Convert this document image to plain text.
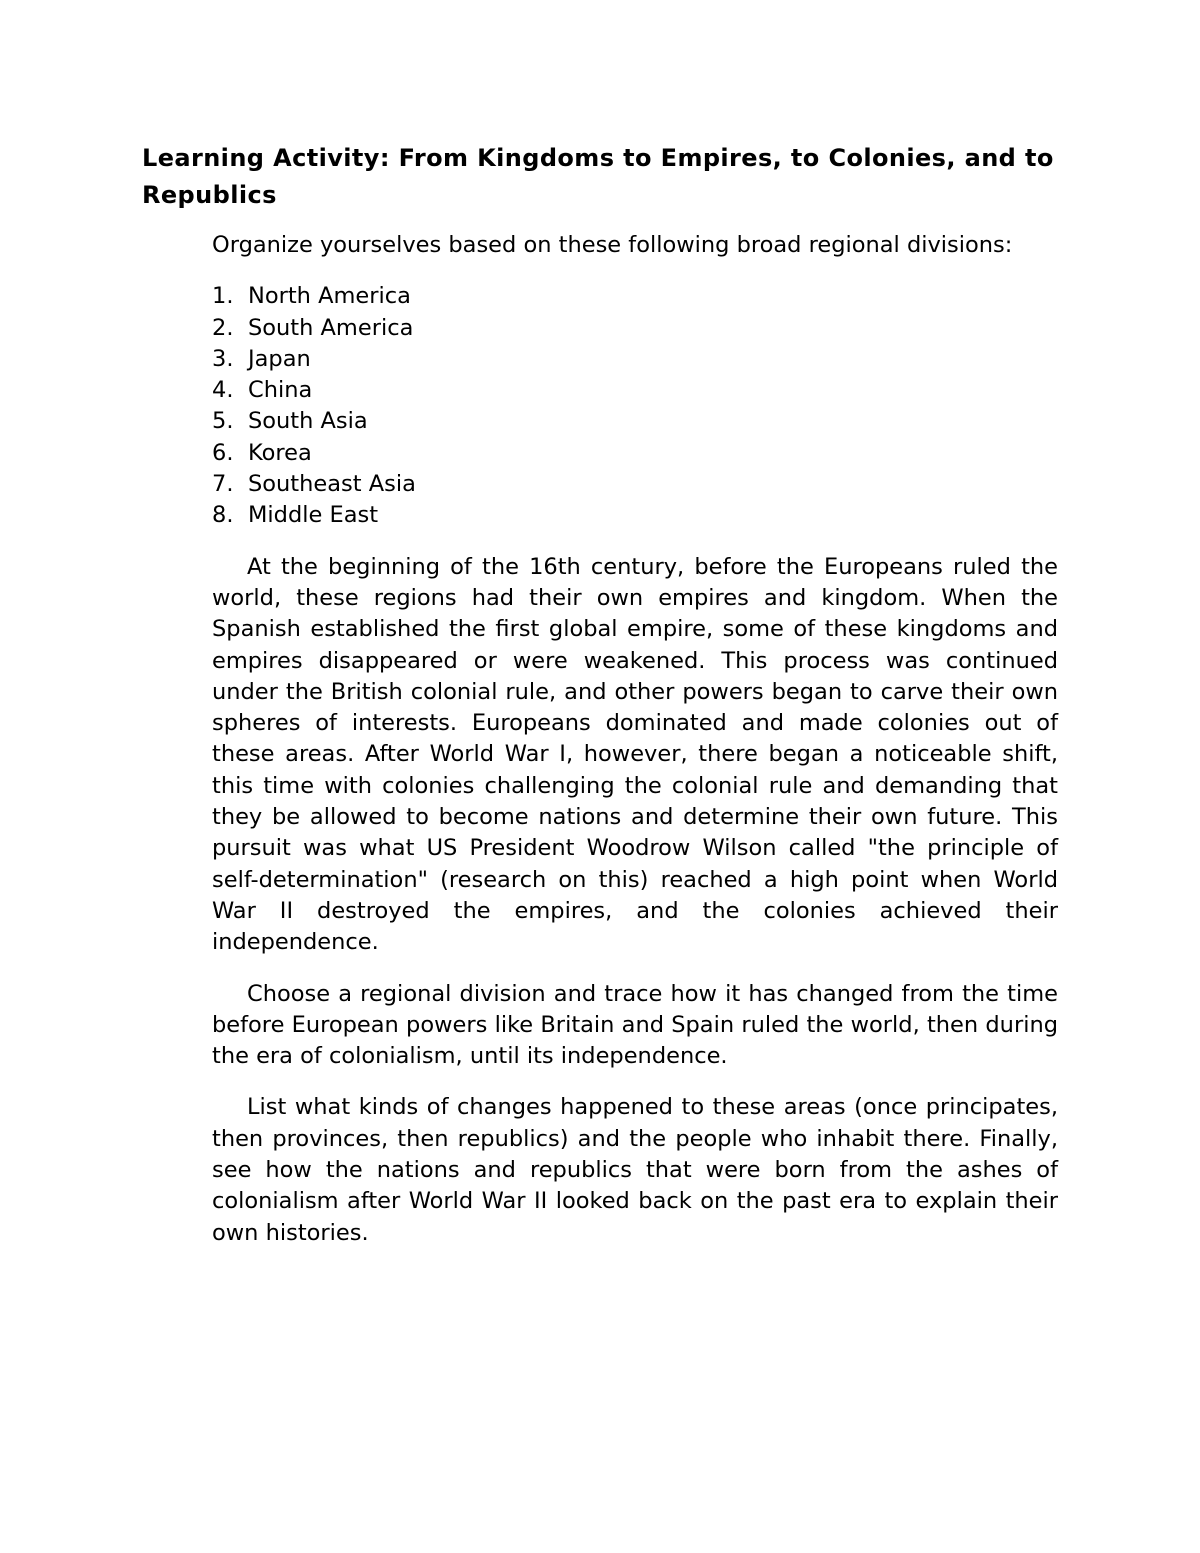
Learning Activity: From Kingdoms to Empires, to Colonies, and to Republics

Organize yourselves based on these following broad regional divisions:

1. North America
2. South America
3. Japan
4. China
5. South Asia
6. Korea
7. Southeast Asia
8. Middle East

At the beginning of the 16th century, before the Europeans ruled the world, these regions had their own empires and kingdom. When the Spanish established the first global empire, some of these kingdoms and empires disappeared or were weakened. This process was continued under the British colonial rule, and other powers began to carve their own spheres of interests. Europeans dominated and made colonies out of these areas. After World War I, however, there began a noticeable shift, this time with colonies challenging the colonial rule and demanding that they be allowed to become nations and determine their own future. This pursuit was what US President Woodrow Wilson called "the principle of self-determination" (research on this) reached a high point when World War II destroyed the empires, and the colonies achieved their independence.

Choose a regional division and trace how it has changed from the time before European powers like Britain and Spain ruled the world, then during the era of colonialism, until its independence.

List what kinds of changes happened to these areas (once principates, then provinces, then republics) and the people who inhabit there. Finally, see how the nations and republics that were born from the ashes of colonialism after World War II looked back on the past era to explain their own histories.
